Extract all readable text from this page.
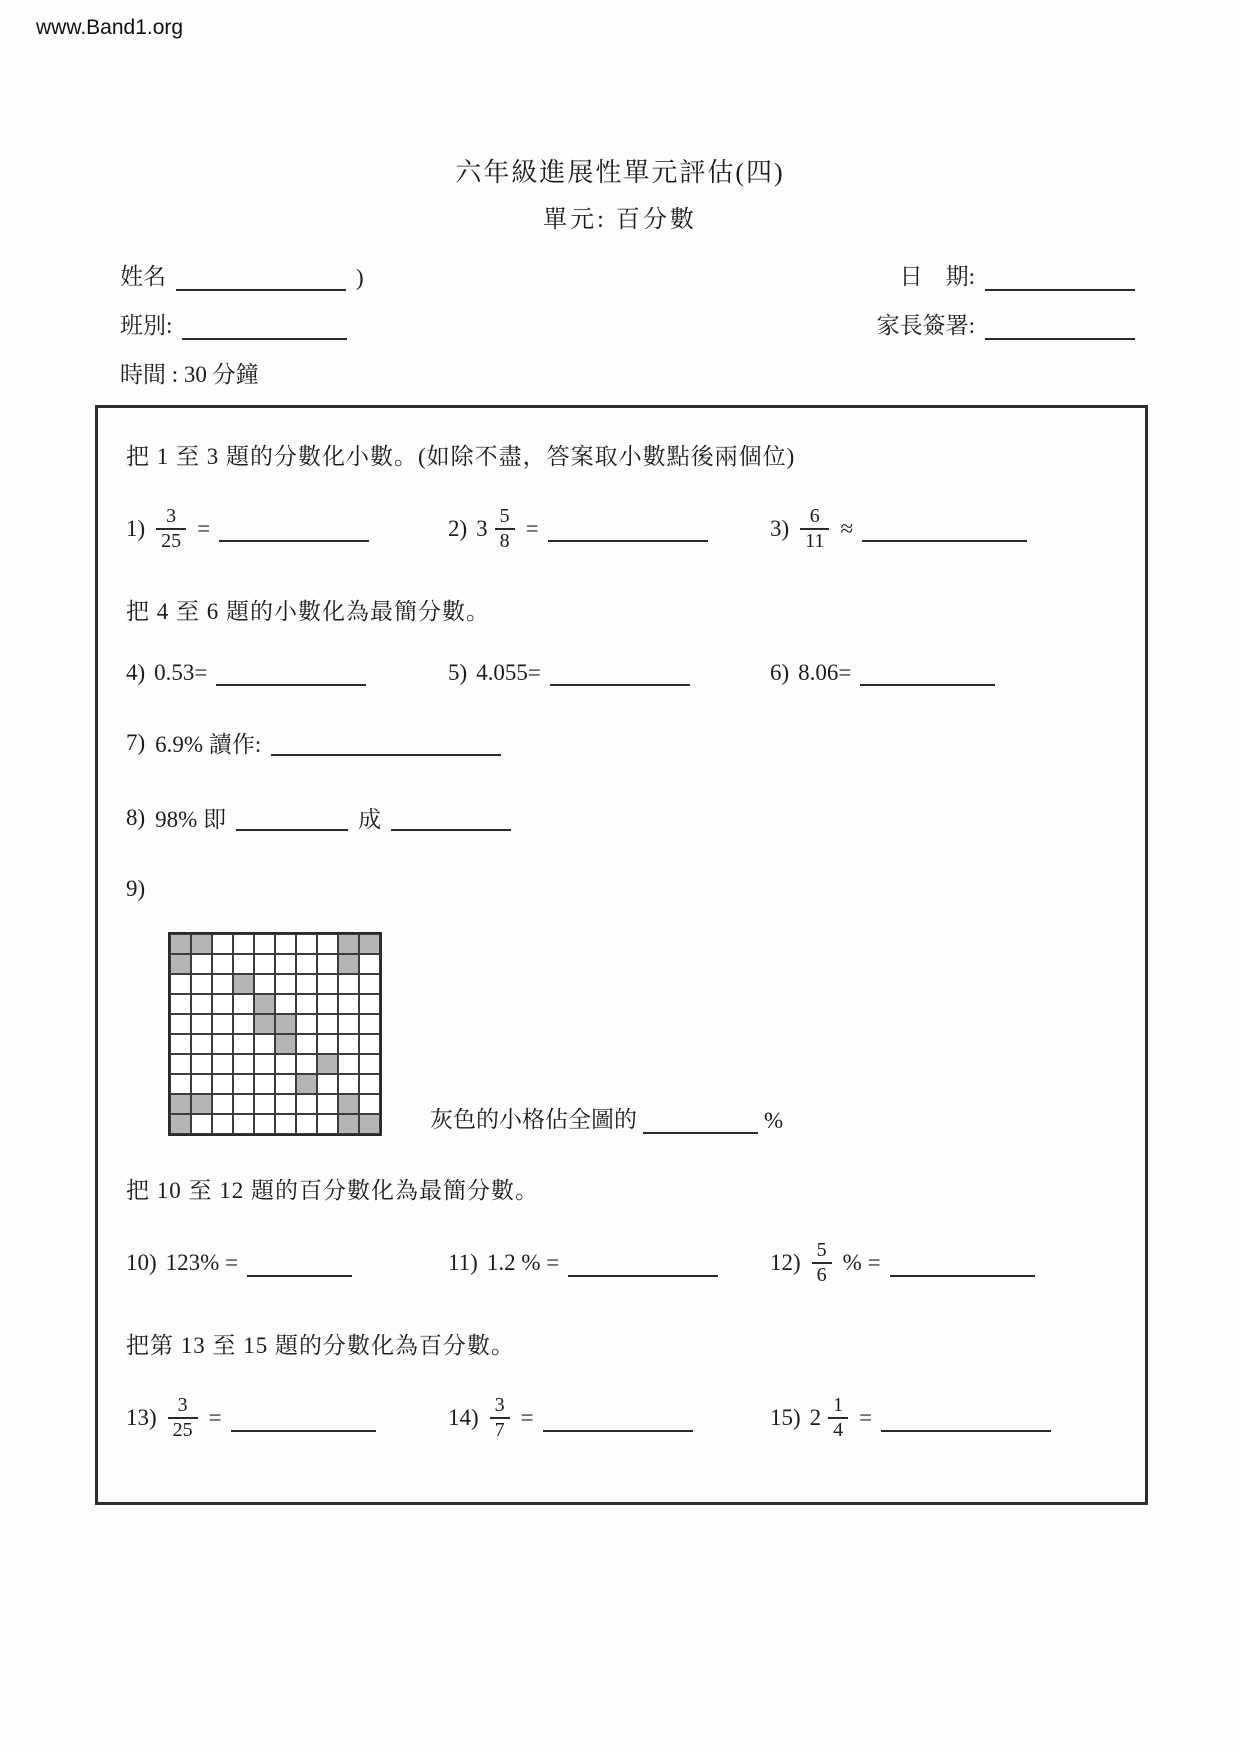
www.Band1.org
六年級進展性單元評估(四)
單元: 百分數
姓名	)	日　期:
班別:	家長簽署:
時間 : 30 分鐘
把 1 至 3 題的分數化小數。(如除不盡，答案取小數點後兩個位)
$1) \frac{3}{25}$ =	2) $3 \frac{5}{8}$ =	$3) \frac{6}{11}$ ≈
把 4 至 6 題的小數化為最簡分數。
4) 0.53=	5) 4.055=	6) 8.06=
7) 6.9% 讀作:
8) 98% 即	成
9)
灰色的小格佔全圖的	%
把 10 至 12 題的百分數化為最簡分數。
10) 123% =	11) 1.2 % =	$12) \frac{5}{6}$ % =
把第 13 至 15 題的分數化為百分數。
$13) \frac{3}{25}$ =	$14) \frac{3}{7}$ =	15) $2 \frac{1}{4}$ =
